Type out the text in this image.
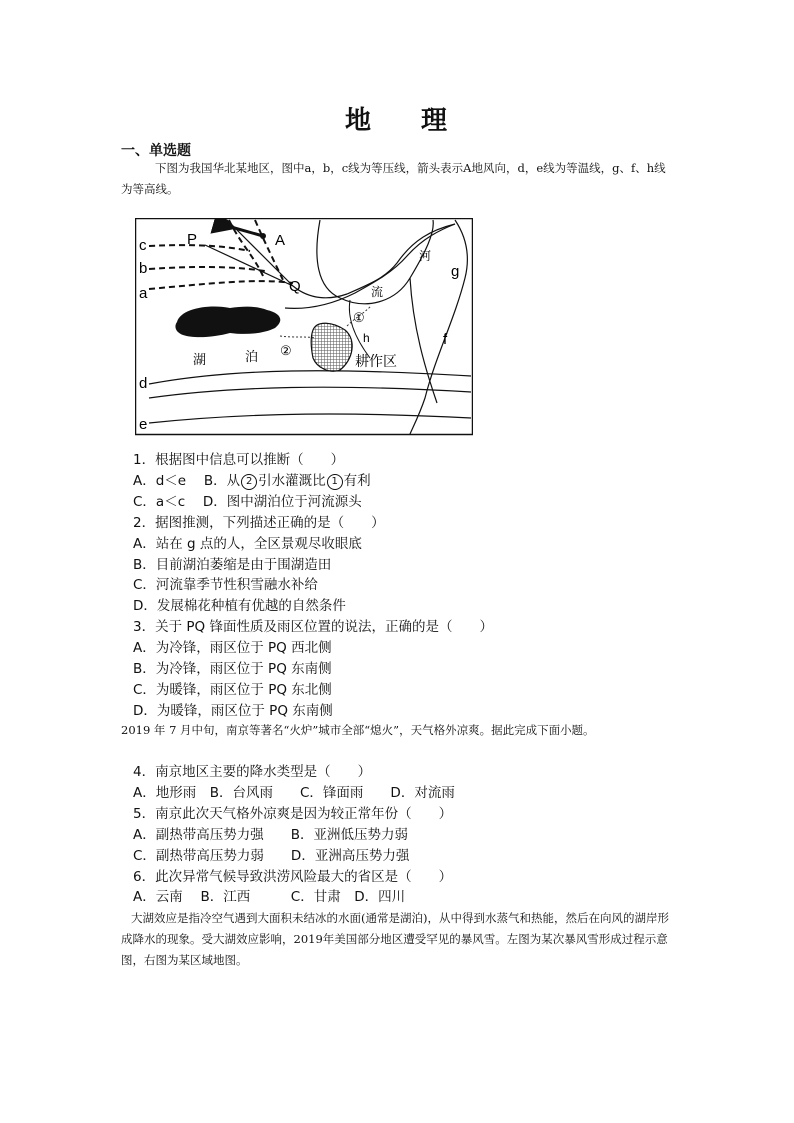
地 理
一、单选题
下图为我国华北某地区，图中a，b，c线为等压线，箭头表示A地风向，d，e线为等温线，g、f、h线为等高线。
c
b
a
d
e
P	A
Q
g
f
h
河
流
湖	泊
①
②
耕作区
1．根据图中信息可以推断（　　）
A．d＜e　 B．从 2 引水灌溉比 1 有利
C．a＜c　 D．图中湖泊位于河流源头
2．据图推测，下列描述正确的是（　　）
A．站在 g 点的人，全区景观尽收眼底
B．目前湖泊萎缩是由于围湖造田
C．河流靠季节性积雪融水补给
D．发展棉花种植有优越的自然条件
3．关于 PQ 锋面性质及雨区位置的说法，正确的是（　　）
A．为冷锋，雨区位于 PQ 西北侧
B．为冷锋，雨区位于 PQ 东南侧
C．为暖锋，雨区位于 PQ 东北侧
D．为暖锋，雨区位于 PQ 东南侧
2019 年 7 月中旬，南京等著名“火炉”城市全部“熄火”，天气格外凉爽。据此完成下面小题。
4．南京地区主要的降水类型是（　　）
A．地形雨　B．台风雨　　C．锋面雨　　D．对流雨
5．南京此次天气格外凉爽是因为较正常年份（　　）
A．副热带高压势力强　　B．亚洲低压势力弱
C．副热带高压势力弱　　D．亚洲高压势力强
6．此次异常气候导致洪涝风险最大的省区是（　　）
A．云南　 B．江西　　　C．甘肃　D．四川
大湖效应是指冷空气遇到大面积未结冰的水面(通常是湖泊)，从中得到水蒸气和热能，然后在向风的湖岸形成降水的现象。受大湖效应影响，2019年美国部分地区遭受罕见的暴风雪。左图为某次暴风雪形成过程示意图，右图为某区域地图。
